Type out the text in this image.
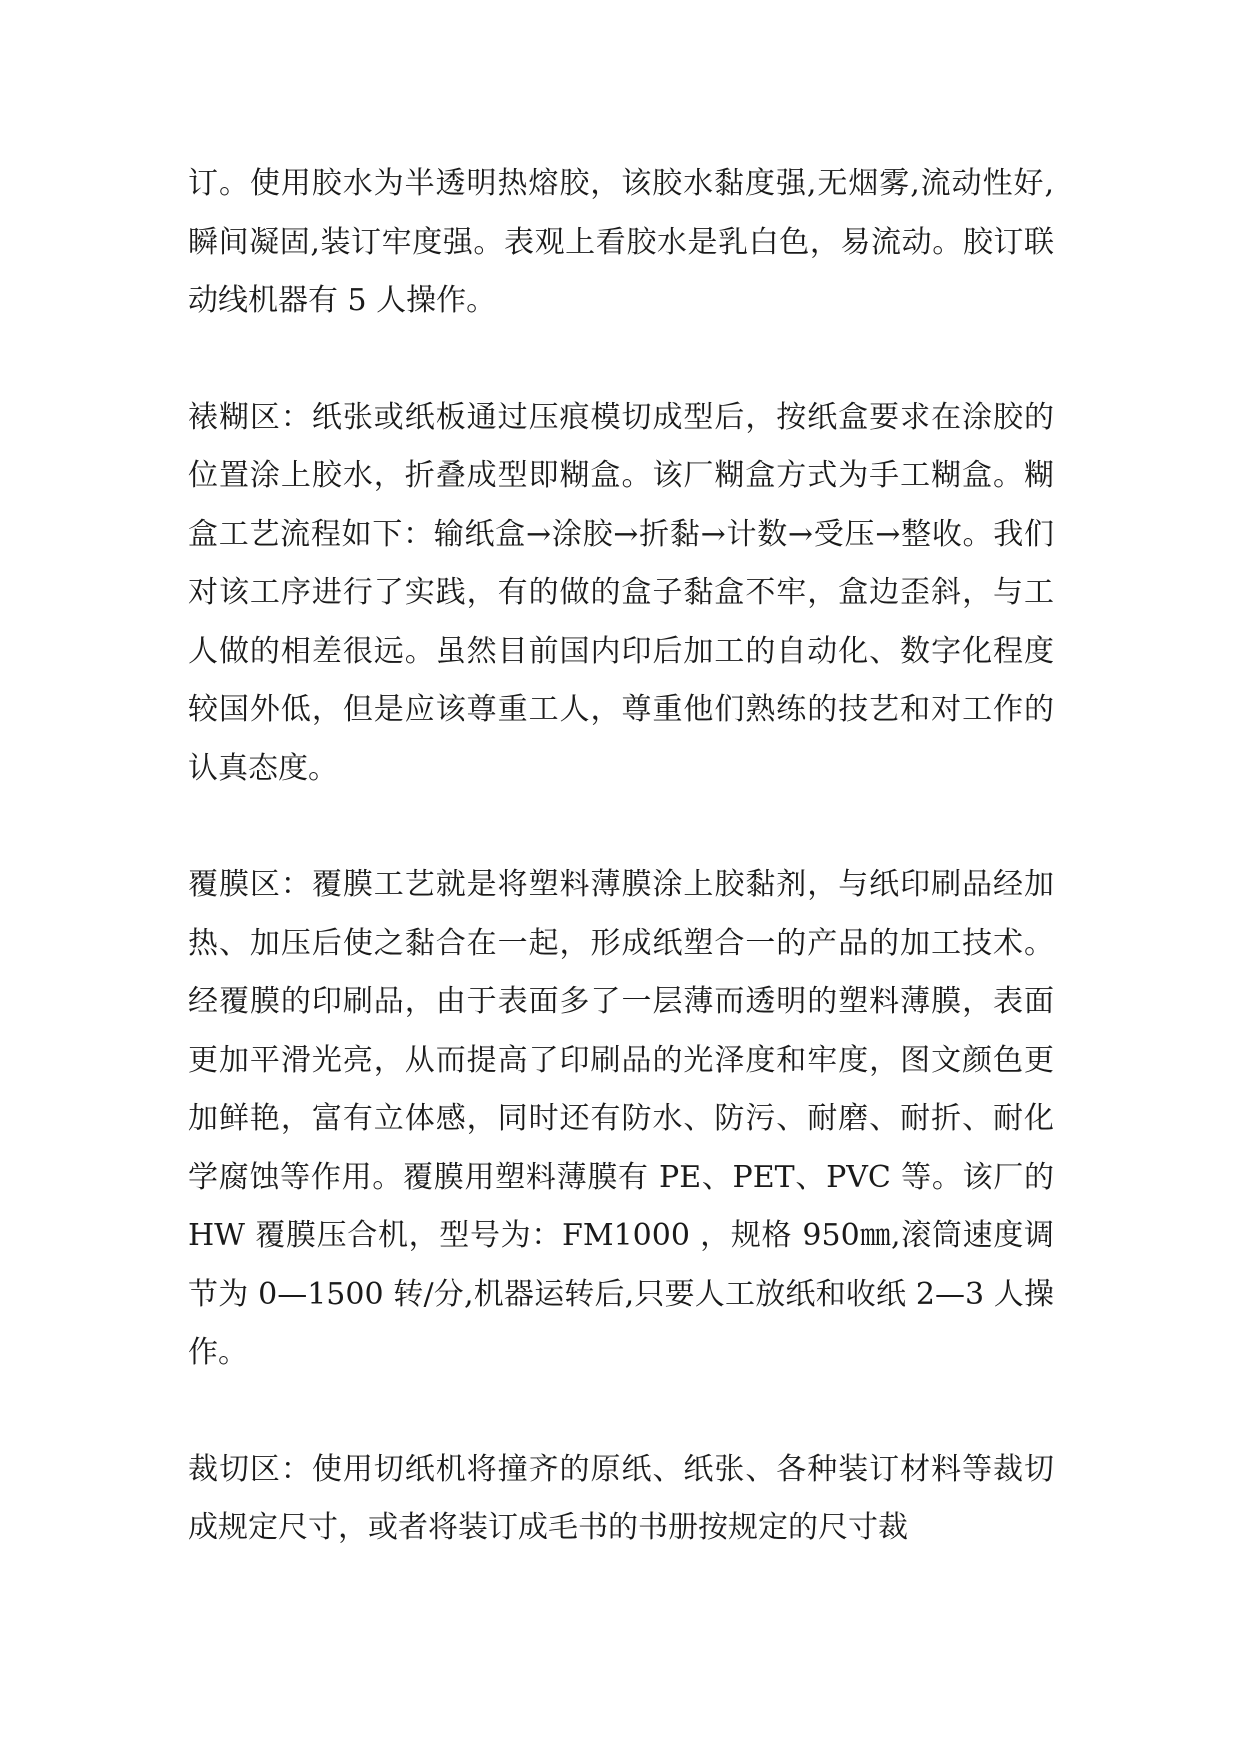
订。使用胶水为半透明热熔胶，该胶水黏度强,无烟雾,流动性好,瞬间凝固,装订牢度强。表观上看胶水是乳白色，易流动。胶订联动线机器有 5 人操作。

裱糊区：纸张或纸板通过压痕模切成型后，按纸盒要求在涂胶的位置涂上胶水，折叠成型即糊盒。该厂糊盒方式为手工糊盒。糊盒工艺流程如下：输纸盒→涂胶→折黏→计数→受压→整收。我们对该工序进行了实践，有的做的盒子黏盒不牢，盒边歪斜，与工人做的相差很远。虽然目前国内印后加工的自动化、数字化程度较国外低，但是应该尊重工人，尊重他们熟练的技艺和对工作的认真态度。

覆膜区：覆膜工艺就是将塑料薄膜涂上胶黏剂，与纸印刷品经加热、加压后使之黏合在一起，形成纸塑合一的产品的加工技术。经覆膜的印刷品，由于表面多了一层薄而透明的塑料薄膜，表面更加平滑光亮，从而提高了印刷品的光泽度和牢度，图文颜色更加鲜艳，富有立体感，同时还有防水、防污、耐磨、耐折、耐化学腐蚀等作用。覆膜用塑料薄膜有 PE、PET、PVC 等。该厂的 HW 覆膜压合机，型号为：FM1000 ，规格 950㎜,滚筒速度调节为 0—1500 转/分,机器运转后,只要人工放纸和收纸 2—3 人操作。

裁切区：使用切纸机将撞齐的原纸、纸张、各种装订材料等裁切成规定尺寸，或者将装订成毛书的书册按规定的尺寸裁
